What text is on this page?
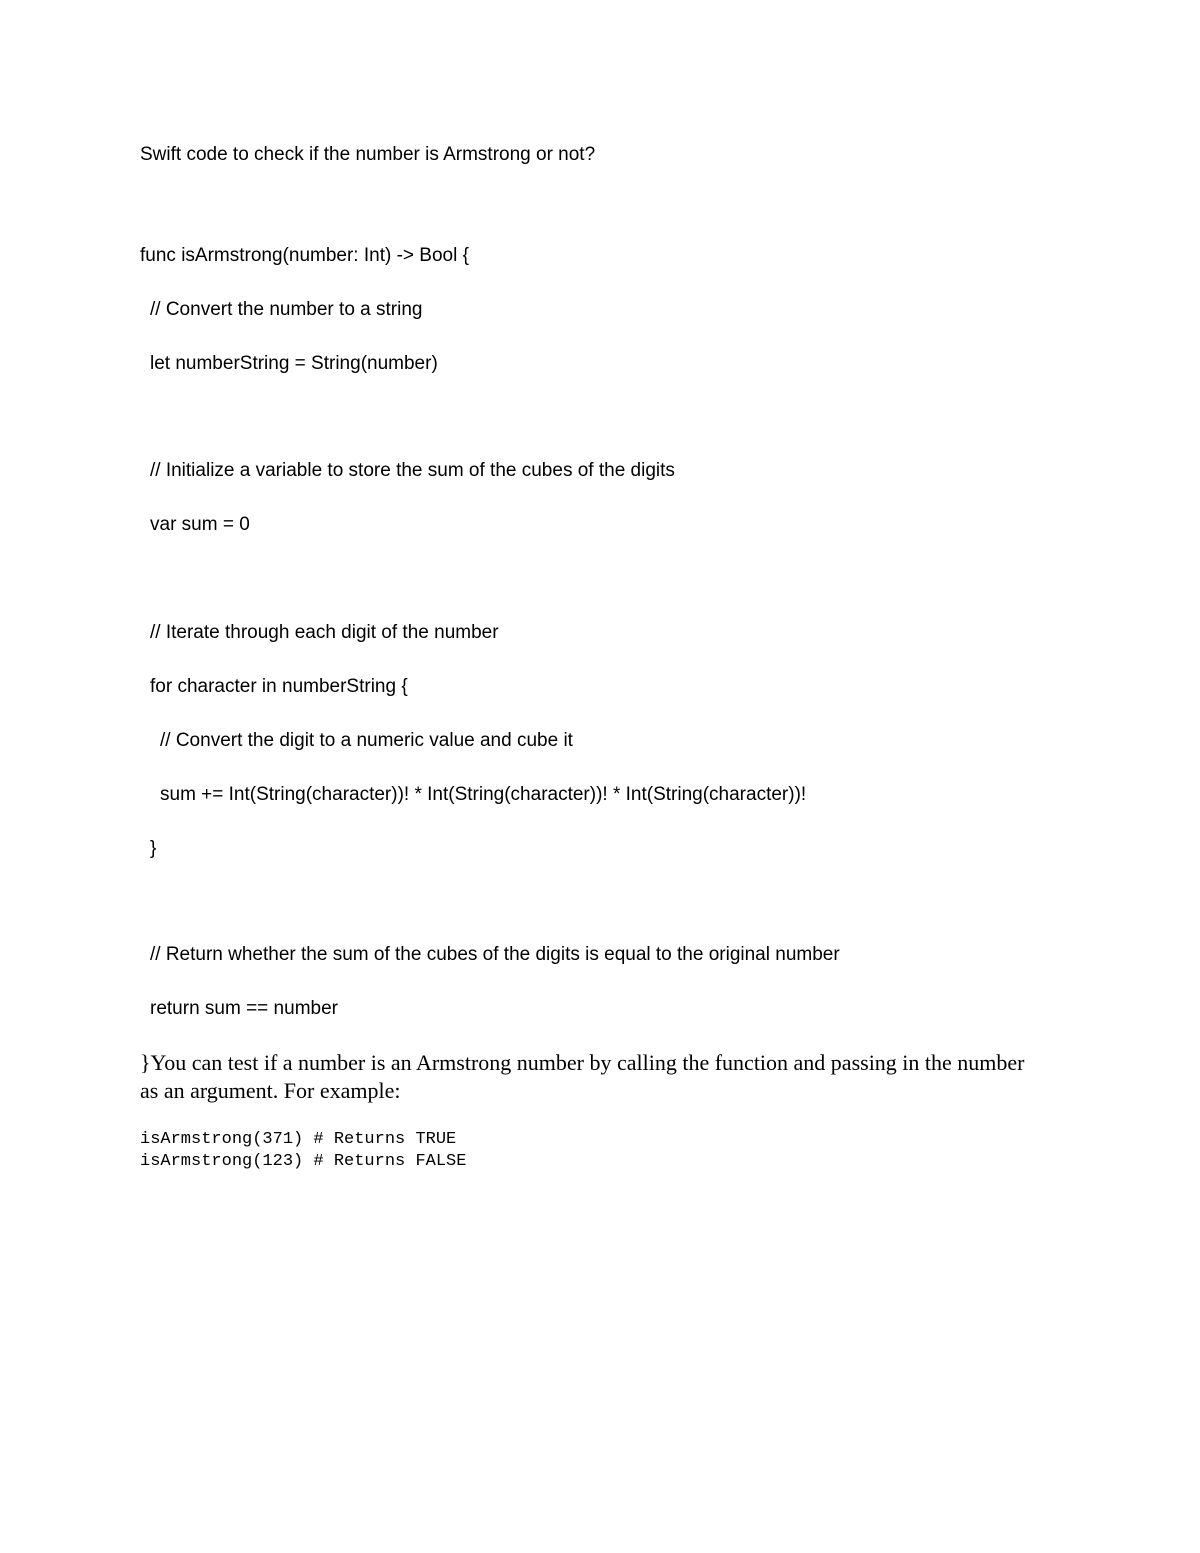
Swift code to check if the number is Armstrong or not?
func isArmstrong(number: Int) -> Bool {
// Convert the number to a string
let numberString = String(number)
// Initialize a variable to store the sum of the cubes of the digits
var sum = 0
// Iterate through each digit of the number
for character in numberString {
// Convert the digit to a numeric value and cube it
sum += Int(String(character))! * Int(String(character))! * Int(String(character))!
}
// Return whether the sum of the cubes of the digits is equal to the original number
return sum == number
}You can test if a number is an Armstrong number by calling the function and passing in the number as an argument. For example:
isArmstrong(371) # Returns TRUE
isArmstrong(123) # Returns FALSE
